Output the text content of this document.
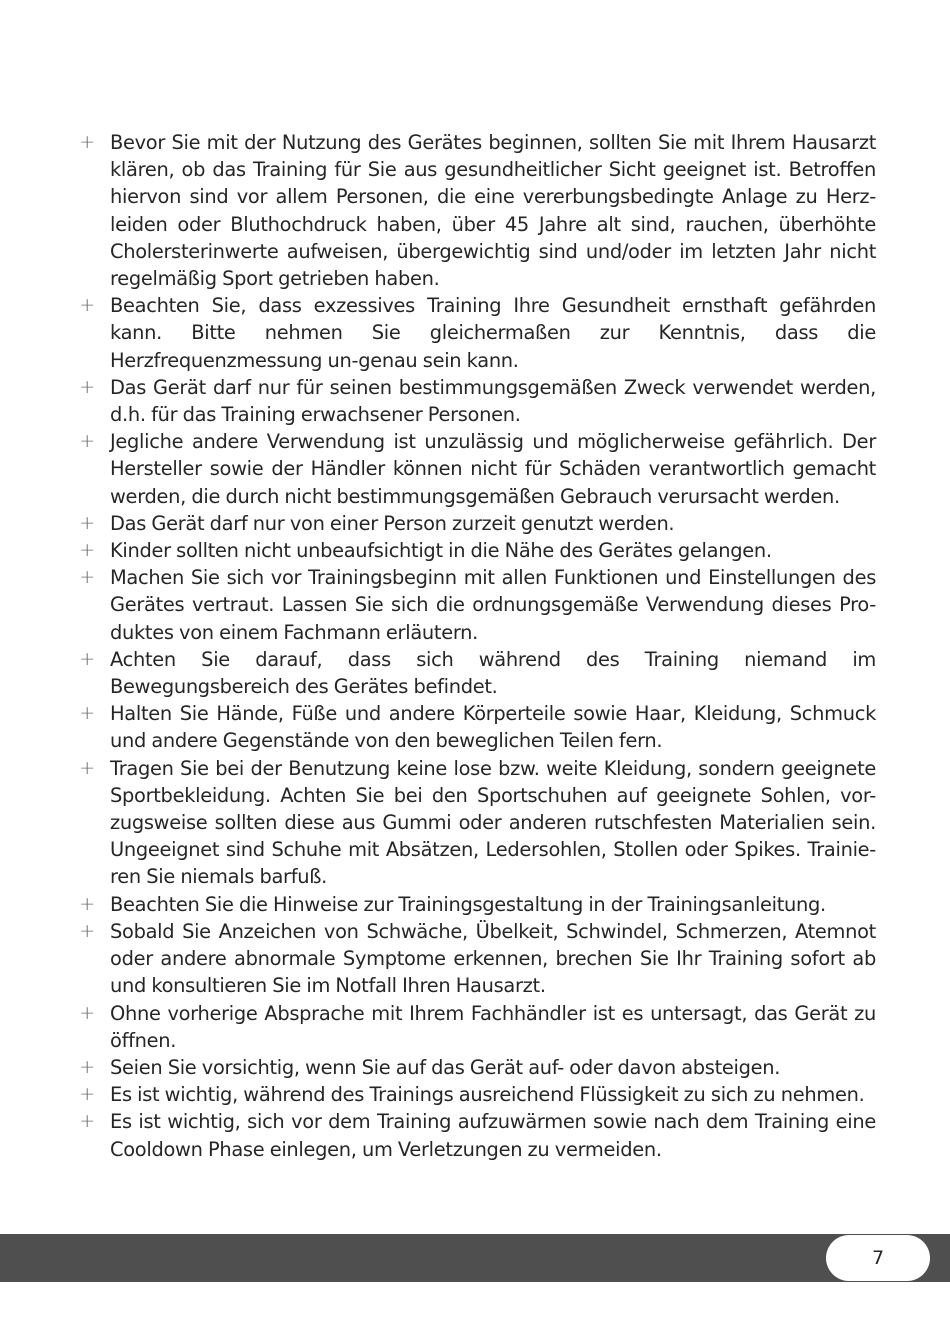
+ Bevor Sie mit der Nutzung des Gerätes beginnen, sollten Sie mit Ihrem Hausarzt klären, ob das Training für Sie aus gesundheitlicher Sicht geeignet ist. Betroffen hiervon sind vor allem Personen, die eine vererbungsbedingte Anlage zu Herz-leiden oder Bluthochdruck haben, über 45 Jahre alt sind, rauchen, überhöhte Cholersterinwerte aufweisen, übergewichtig sind und/oder im letzten Jahr nicht regelmäßig Sport getrieben haben.
+ Beachten Sie, dass exzessives Training Ihre Gesundheit ernsthaft gefährden kann. Bitte nehmen Sie gleichermaßen zur Kenntnis, dass die Herzfrequenzmessung un-genau sein kann.
+ Das Gerät darf nur für seinen bestimmungsgemäßen Zweck verwendet werden, d.h. für das Training erwachsener Personen.
+ Jegliche andere Verwendung ist unzulässig und möglicherweise gefährlich. Der Hersteller sowie der Händler können nicht für Schäden verantwortlich gemacht werden, die durch nicht bestimmungsgemäßen Gebrauch verursacht werden.
+ Das Gerät darf nur von einer Person zurzeit genutzt werden.
+ Kinder sollten nicht unbeaufsichtigt in die Nähe des Gerätes gelangen.
+ Machen Sie sich vor Trainingsbeginn mit allen Funktionen und Einstellungen des Gerätes vertraut. Lassen Sie sich die ordnungsgemäße Verwendung dieses Pro-duktes von einem Fachmann erläutern.
+ Achten Sie darauf, dass sich während des Training niemand im Bewegungsbereich des Gerätes befindet.
+ Halten Sie Hände, Füße und andere Körperteile sowie Haar, Kleidung, Schmuck und andere Gegenstände von den beweglichen Teilen fern.
+ Tragen Sie bei der Benutzung keine lose bzw. weite Kleidung, sondern geeignete Sportbekleidung. Achten Sie bei den Sportschuhen auf geeignete Sohlen, vor-zugsweise sollten diese aus Gummi oder anderen rutschfesten Materialien sein. Ungeeignet sind Schuhe mit Absätzen, Ledersohlen, Stollen oder Spikes. Trainie-ren Sie niemals barfuß.
+ Beachten Sie die Hinweise zur Trainingsgestaltung in der Trainingsanleitung.
+ Sobald Sie Anzeichen von Schwäche, Übelkeit, Schwindel, Schmerzen, Atemnot oder andere abnormale Symptome erkennen, brechen Sie Ihr Training sofort ab und konsultieren Sie im Notfall Ihren Hausarzt.
+ Ohne vorherige Absprache mit Ihrem Fachhändler ist es untersagt, das Gerät zu öffnen.
+ Seien Sie vorsichtig, wenn Sie auf das Gerät auf- oder davon absteigen.
+ Es ist wichtig, während des Trainings ausreichend Flüssigkeit zu sich zu nehmen.
+ Es ist wichtig, sich vor dem Training aufzuwärmen sowie nach dem Training eine Cooldown Phase einlegen, um Verletzungen zu vermeiden.
7
